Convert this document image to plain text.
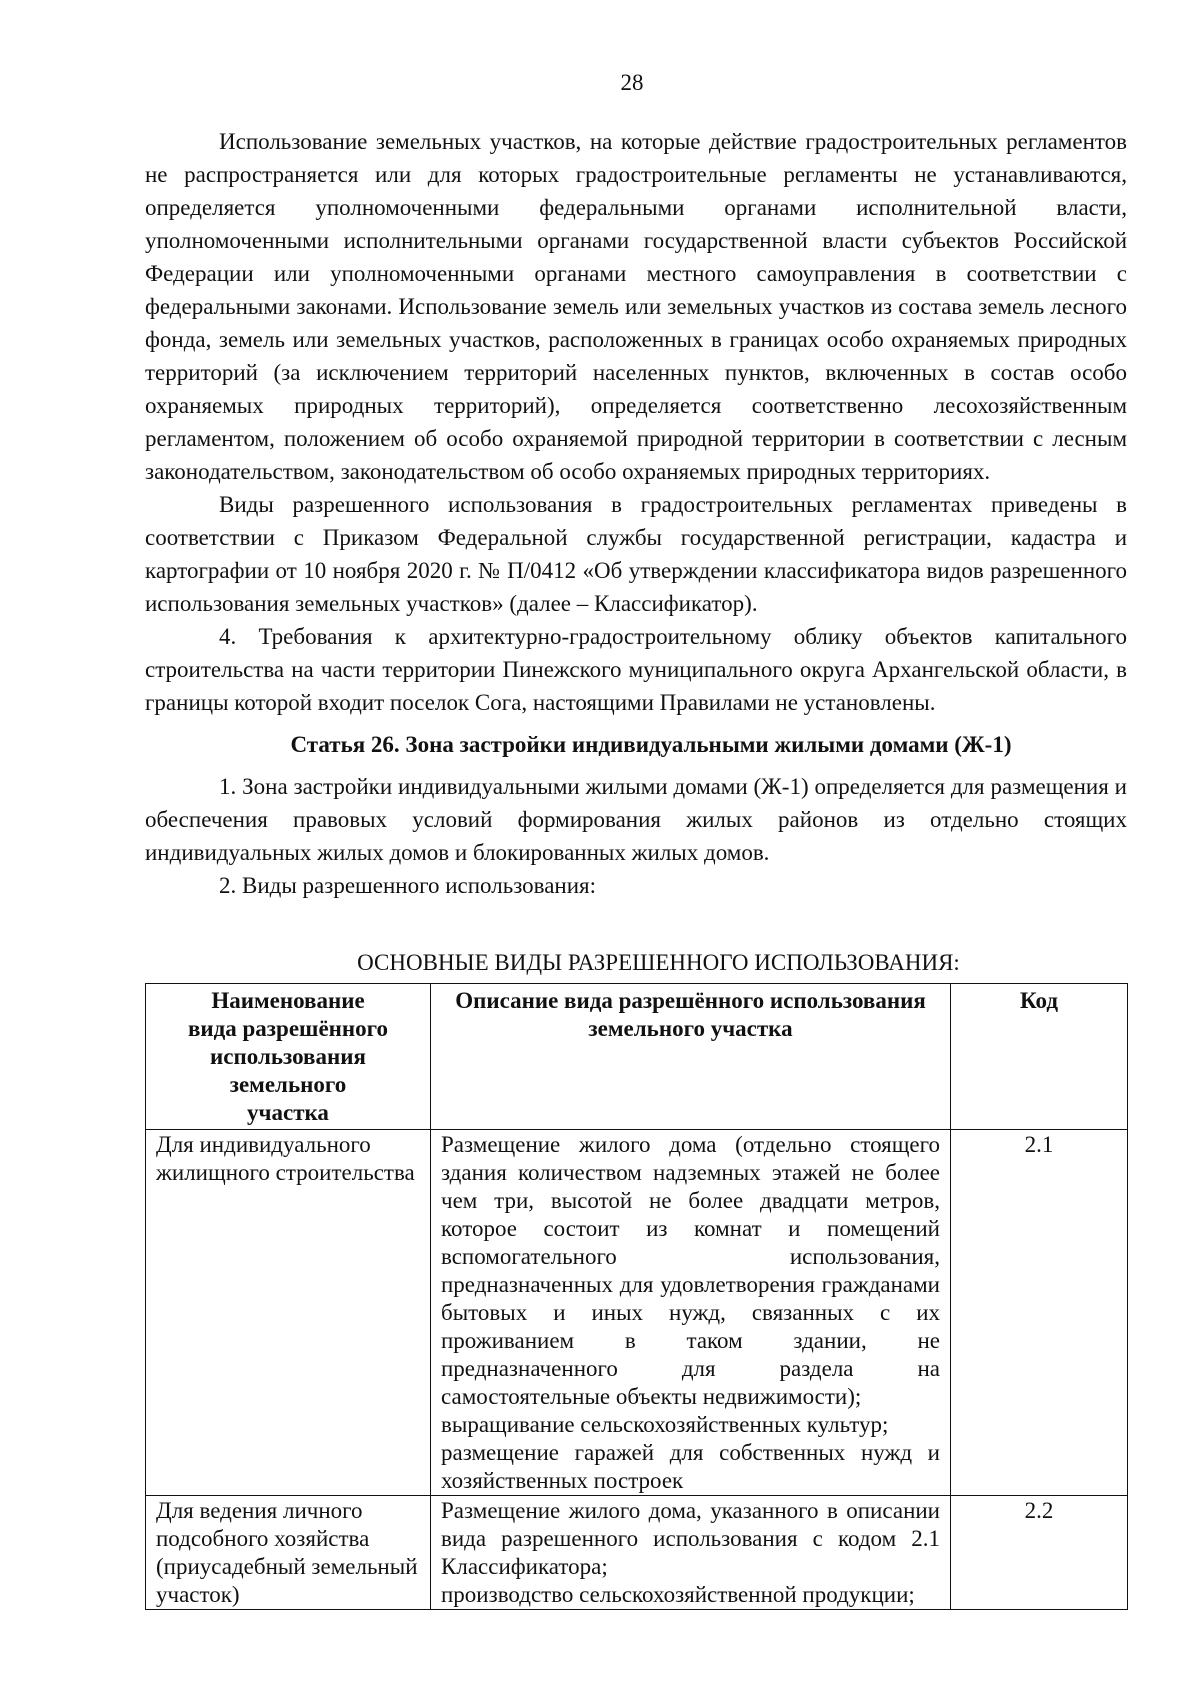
28

Использование земельных участков, на которые действие градостроительных регламентов не распространяется или для которых градостроительные регламенты не устанавливаются, определяется уполномоченными федеральными органами исполнительной власти, уполномоченными исполнительными органами государственной власти субъектов Российской Федерации или уполномоченными органами местного самоуправления в соответствии с федеральными законами. Использование земель или земельных участков из состава земель лесного фонда, земель или земельных участков, расположенных в границах особо охраняемых природных территорий (за исключением территорий населенных пунктов, включенных в состав особо охраняемых природных территорий), определяется соответственно лесохозяйственным регламентом, положением об особо охраняемой природной территории в соответствии с лесным законодательством, законодательством об особо охраняемых природных территориях.

Виды разрешенного использования в градостроительных регламентах приведены в соответствии с Приказом Федеральной службы государственной регистрации, кадастра и картографии от 10 ноября 2020 г. № П/0412 «Об утверждении классификатора видов разрешенного использования земельных участков» (далее – Классификатор).

4. Требования к архитектурно-градостроительному облику объектов капитального строительства на части территории Пинежского муниципального округа Архангельской области, в границы которой входит поселок Сога, настоящими Правилами не установлены.

Статья 26. Зона застройки индивидуальными жилыми домами (Ж-1)

1. Зона застройки индивидуальными жилыми домами (Ж-1) определяется для размещения и обеспечения правовых условий формирования жилых районов из отдельно стоящих индивидуальных жилых домов и блокированных жилых домов.

2. Виды разрешенного использования:

ОСНОВНЫЕ ВИДЫ РАЗРЕШЕННОГО ИСПОЛЬЗОВАНИЯ:
Наименование вида разрешённого использования земельного участка	Описание вида разрешённого использования земельного участка	Код
Для индивидуального жилищного строительства	Размещение жилого дома (отдельно стоящего здания количеством надземных этажей не более чем три, высотой не более двадцати метров, которое состоит из комнат и помещений вспомогательного использования, предназначенных для удовлетворения гражданами бытовых и иных нужд, связанных с их проживанием в таком здании, не предназначенного для раздела на самостоятельные объекты недвижимости);
выращивание сельскохозяйственных культур;
размещение гаражей для собственных нужд и хозяйственных построек	2.1
Для ведения личного подсобного хозяйства (приусадебный земельный участок)	Размещение жилого дома, указанного в описании вида разрешенного использования с кодом 2.1 Классификатора;
производство сельскохозяйственной продукции;	2.2
